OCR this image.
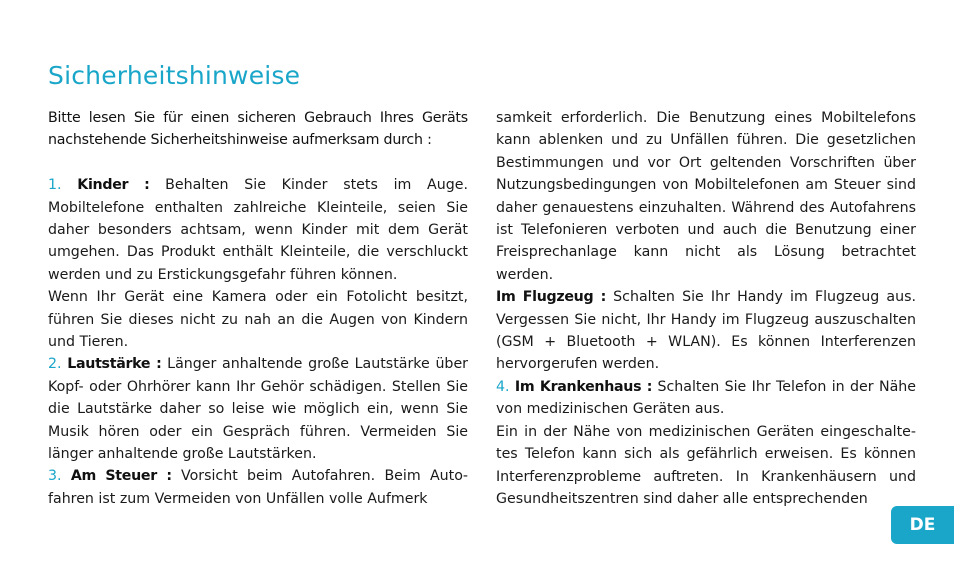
Sicherheitshinweise

Bitte lesen Sie für einen sicheren Gebrauch Ihres Geräts nachstehende Sicherheitshinweise aufmerksam durch :

1. Kinder : Behalten Sie Kinder stets im Auge. Mobiltelefone enthalten zahlreiche Kleinteile, seien Sie daher besonders achtsam, wenn Kinder mit dem Gerät umgehen. Das Produkt enthält Kleinteile, die verschluckt werden und zu Erstickungsgefahr führen können.

Wenn Ihr Gerät eine Kamera oder ein Fotolicht besitzt, führen Sie dieses nicht zu nah an die Augen von Kindern und Tieren.

2. Lautstärke : Länger anhaltende große Lautstärke über Kopf- oder Ohrhörer kann Ihr Gehör schädigen. Stellen Sie die Lautstärke daher so leise wie möglich ein, wenn Sie Musik hören oder ein Gespräch führen. Vermeiden Sie länger anhaltende große Lautstärken.

3. Am Steuer : Vorsicht beim Autofahren. Beim Autofahren ist zum Vermeiden von Unfällen volle Aufmerk

samkeit erforderlich. Die Benutzung eines Mobiltelefons kann ablenken und zu Unfällen führen. Die gesetzlichen Bestimmungen und vor Ort geltenden Vorschriften über Nutzungsbedingungen von Mobiltelefonen am Steuer sind daher genauestens einzuhalten. Während des Autofahrens ist Telefonieren verboten und auch die Benutzung einer Freisprechanlage kann nicht als Lösung betrachtet werden.

Im Flugzeug : Schalten Sie Ihr Handy im Flugzeug aus. Vergessen Sie nicht, Ihr Handy im Flugzeug auszuschalten (GSM + Bluetooth + WLAN). Es können Interferenzen hervorgerufen werden.

4. Im Krankenhaus : Schalten Sie Ihr Telefon in der Nähe von medizinischen Geräten aus.

Ein in der Nähe von medizinischen Geräten eingeschaltetes Telefon kann sich als gefährlich erweisen. Es können Interferenzprobleme auftreten. In Krankenhäusern und Gesundheitszentren sind daher alle entsprechenden

DE
